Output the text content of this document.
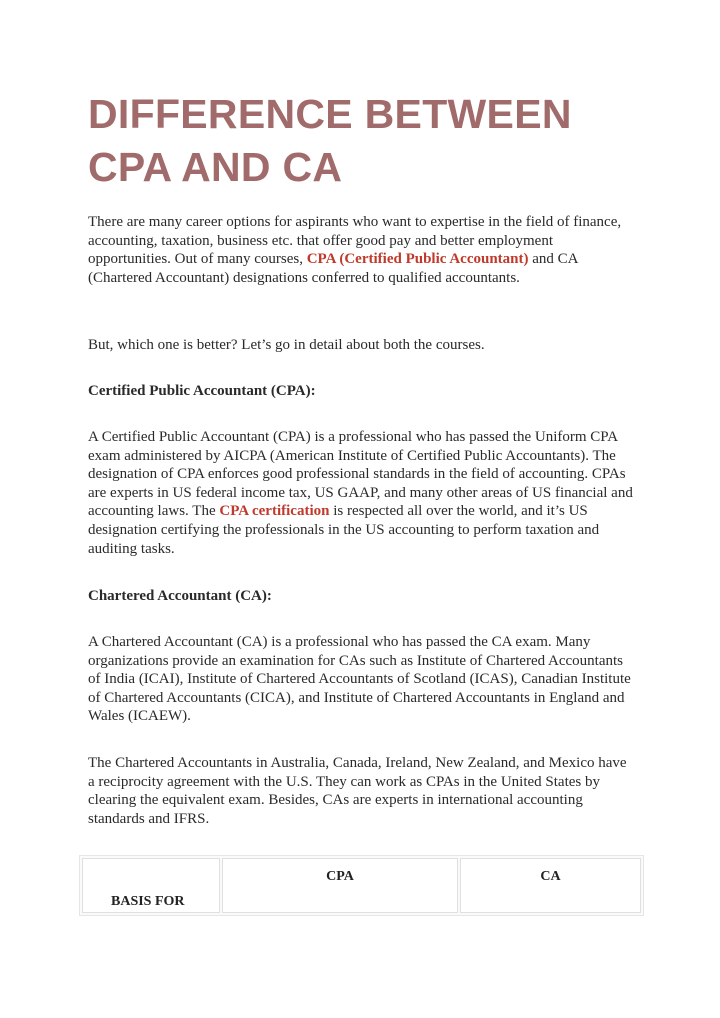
DIFFERENCE BETWEEN
CPA AND CA

There are many career options for aspirants who want to expertise in the field of finance, accounting, taxation, business etc. that offer good pay and better employment opportunities. Out of many courses, CPA (Certified Public Accountant) and CA (Chartered Accountant) designations conferred to qualified accountants.

But, which one is better? Let’s go in detail about both the courses.

Certified Public Accountant (CPA):

A Certified Public Accountant (CPA) is a professional who has passed the Uniform CPA exam administered by AICPA (American Institute of Certified Public Accountants). The designation of CPA enforces good professional standards in the field of accounting. CPAs are experts in US federal income tax, US GAAP, and many other areas of US financial and accounting laws. The CPA certification is respected all over the world, and it’s US designation certifying the professionals in the US accounting to perform taxation and auditing tasks.

Chartered Accountant (CA):

A Chartered Accountant (CA) is a professional who has passed the CA exam. Many organizations provide an examination for CAs such as Institute of Chartered Accountants of India (ICAI), Institute of Chartered Accountants of Scotland (ICAS), Canadian Institute of Chartered Accountants (CICA), and Institute of Chartered Accountants in England and Wales (ICAEW).

The Chartered Accountants in Australia, Canada, Ireland, New Zealand, and Mexico have a reciprocity agreement with the U.S. They can work as CPAs in the United States by clearing the equivalent exam. Besides, CAs are experts in international accounting standards and IFRS.

BASIS FOR
CPA	CA
